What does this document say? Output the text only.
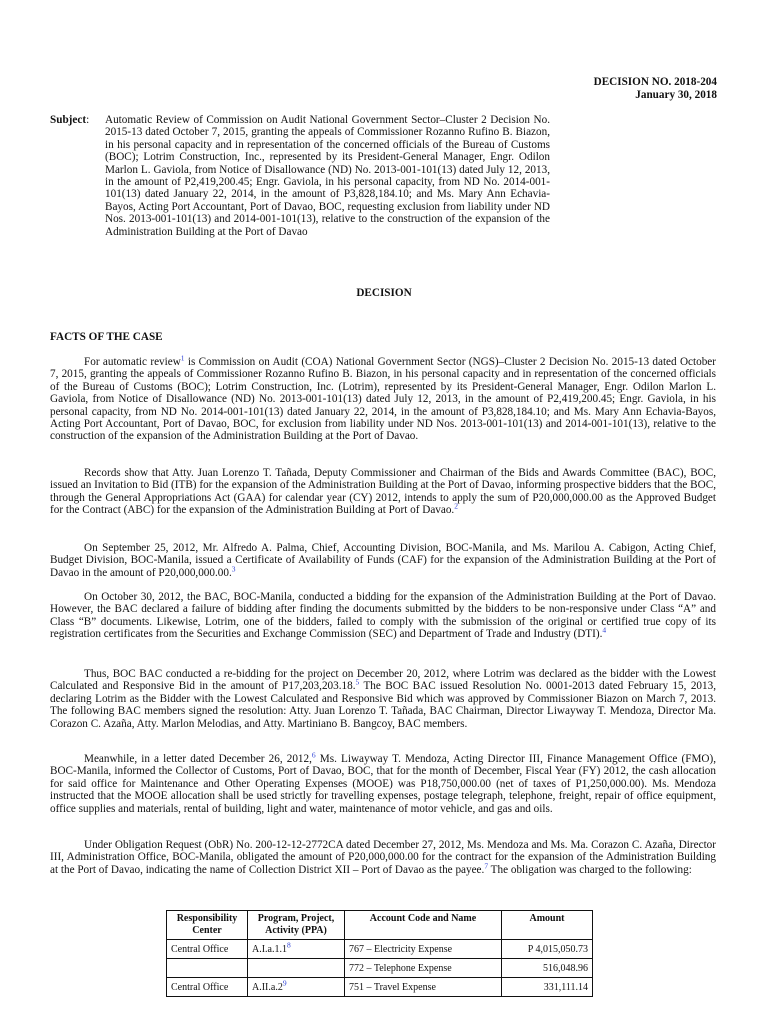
DECISION NO. 2018-204
January 30, 2018
Subject:	Automatic Review of Commission on Audit National Government Sector–Cluster 2 Decision No. 2015-13 dated October 7, 2015, granting the appeals of Commissioner Rozanno Rufino B. Biazon, in his personal capacity and in representation of the concerned officials of the Bureau of Customs (BOC); Lotrim Construction, Inc., represented by its President-General Manager, Engr. Odilon Marlon L. Gaviola, from Notice of Disallowance (ND) No. 2013-001-101(13) dated July 12, 2013, in the amount of P2,419,200.45; Engr. Gaviola, in his personal capacity, from ND No. 2014-001-101(13) dated January 22, 2014, in the amount of P3,828,184.10; and Ms. Mary Ann Echavia-Bayos, Acting Port Accountant, Port of Davao, BOC, requesting exclusion from liability under ND Nos. 2013-001-101(13) and 2014-001-101(13), relative to the construction of the expansion of the Administration Building at the Port of Davao
DECISION
FACTS OF THE CASE
For automatic review$^1$ is Commission on Audit (COA) National Government Sector (NGS)–Cluster 2 Decision No. 2015-13 dated October 7, 2015, granting the appeals of Commissioner Rozanno Rufino B. Biazon, in his personal capacity and in representation of the concerned officials of the Bureau of Customs (BOC); Lotrim Construction, Inc. (Lotrim), represented by its President-General Manager, Engr. Odilon Marlon L. Gaviola, from Notice of Disallowance (ND) No. 2013-001-101(13) dated July 12, 2013, in the amount of P2,419,200.45; Engr. Gaviola, in his personal capacity, from ND No. 2014-001-101(13) dated January 22, 2014, in the amount of P3,828,184.10; and Ms. Mary Ann Echavia-Bayos, Acting Port Accountant, Port of Davao, BOC, for exclusion from liability under ND Nos. 2013-001-101(13) and 2014-001-101(13), relative to the construction of the expansion of the Administration Building at the Port of Davao.
Records show that Atty. Juan Lorenzo T. Tañada, Deputy Commissioner and Chairman of the Bids and Awards Committee (BAC), BOC, issued an Invitation to Bid (ITB) for the expansion of the Administration Building at the Port of Davao, informing prospective bidders that the BOC, through the General Appropriations Act (GAA) for calendar year (CY) 2012, intends to apply the sum of P20,000,000.00 as the Approved Budget for the Contract (ABC) for the expansion of the Administration Building at Port of Davao.$^2$
On September 25, 2012, Mr. Alfredo A. Palma, Chief, Accounting Division, BOC-Manila, and Ms. Marilou A. Cabigon, Acting Chief, Budget Division, BOC-Manila, issued a Certificate of Availability of Funds (CAF) for the expansion of the Administration Building at the Port of Davao in the amount of P20,000,000.00.$^3$
On October 30, 2012, the BAC, BOC-Manila, conducted a bidding for the expansion of the Administration Building at the Port of Davao. However, the BAC declared a failure of bidding after finding the documents submitted by the bidders to be non-responsive under Class “A” and Class “B” documents. Likewise, Lotrim, one of the bidders, failed to comply with the submission of the original or certified true copy of its registration certificates from the Securities and Exchange Commission (SEC) and Department of Trade and Industry (DTI).$^4$
Thus, BOC BAC conducted a re-bidding for the project on December 20, 2012, where Lotrim was declared as the bidder with the Lowest Calculated and Responsive Bid in the amount of P17,203,203.18.$^5$ The BOC BAC issued Resolution No. 0001-2013 dated February 15, 2013, declaring Lotrim as the Bidder with the Lowest Calculated and Responsive Bid which was approved by Commissioner Biazon on March 7, 2013. The following BAC members signed the resolution: Atty. Juan Lorenzo T. Tañada, BAC Chairman, Director Liwayway T. Mendoza, Director Ma. Corazon C. Azaña, Atty. Marlon Melodias, and Atty. Martiniano B. Bangcoy, BAC members.
Meanwhile, in a letter dated December 26, 2012,$^6$ Ms. Liwayway T. Mendoza, Acting Director III, Finance Management Office (FMO), BOC-Manila, informed the Collector of Customs, Port of Davao, BOC, that for the month of December, Fiscal Year (FY) 2012, the cash allocation for said office for Maintenance and Other Operating Expenses (MOOE) was P18,750,000.00 (net of taxes of P1,250,000.00). Ms. Mendoza instructed that the MOOE allocation shall be used strictly for travelling expenses, postage telegraph, telephone, freight, repair of office equipment, office supplies and materials, rental of building, light and water, maintenance of motor vehicle, and gas and oils.
Under Obligation Request (ObR) No. 200-12-12-2772CA dated December 27, 2012, Ms. Mendoza and Ms. Ma. Corazon C. Azaña, Director III, Administration Office, BOC-Manila, obligated the amount of P20,000,000.00 for the contract for the expansion of the Administration Building at the Port of Davao, indicating the name of Collection District XII – Port of Davao as the payee.$^7$ The obligation was charged to the following:
Responsibility Center	Program, Project, Activity (PPA)	Account Code and Name	Amount
Central Office	A.I.a.1.1$^8$	767 – Electricity Expense	P 4,015,050.73
		772 – Telephone Expense	516,048.96
Central Office	A.II.a.2$^9$	751 – Travel Expense	331,111.14
